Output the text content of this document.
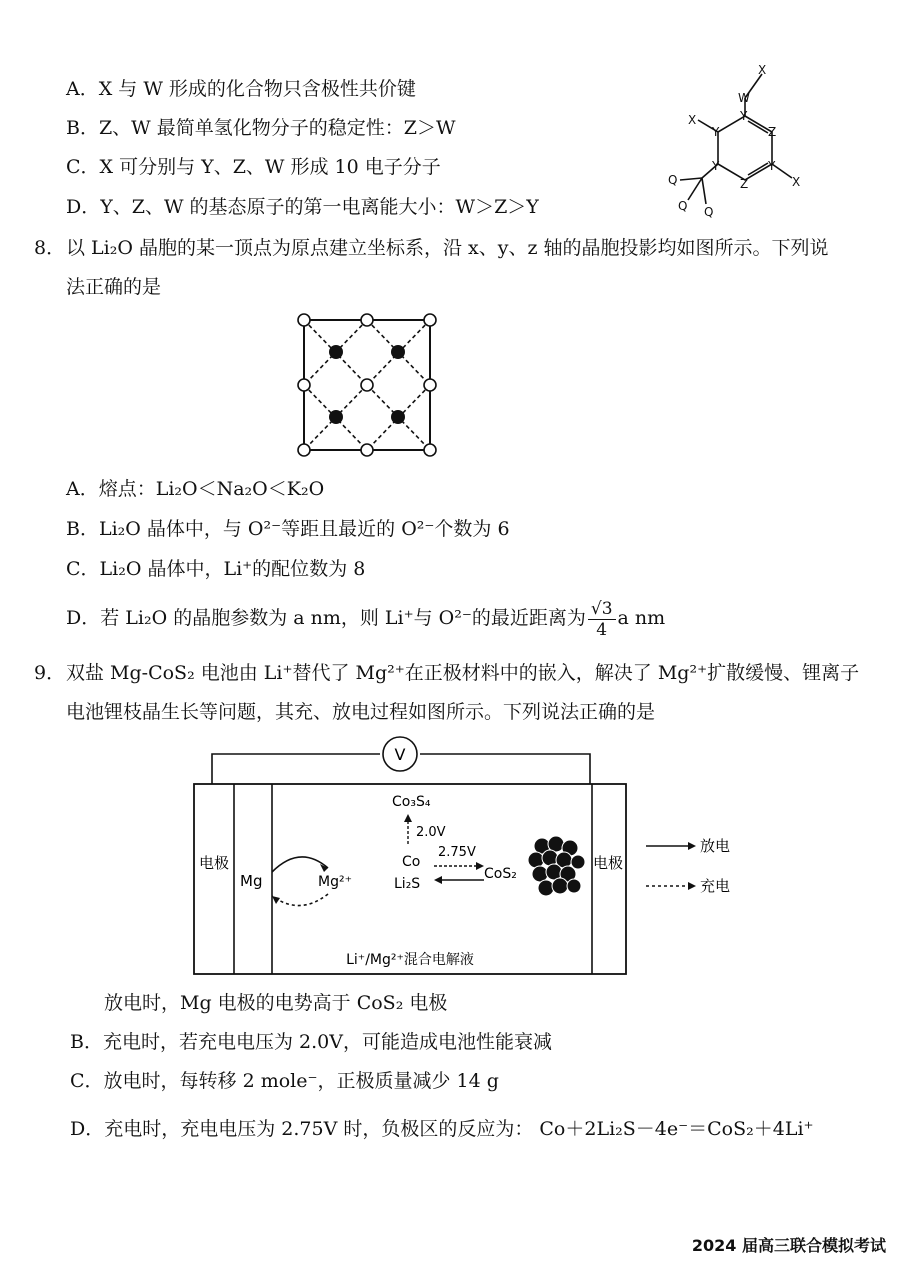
A．X 与 W 形成的化合物只含极性共价键
B．Z、W 最简单氢化物分子的稳定性：Z＞W
C．X 可分别与 Y、Z、W 形成 10 电子分子
D．Y、Z、W 的基态原子的第一电离能大小：W＞Z＞Y
X
W
Y
Z
Y
Z
Y
Y
X
X
Q
Q Q
8． 以 Li₂O 晶胞的某一顶点为原点建立坐标系，沿 x、y、z 轴的晶胞投影均如图所示。下列说
法正确的是
A．熔点：Li₂O＜Na₂O＜K₂O
B．Li₂O 晶体中，与 O²⁻等距且最近的 O²⁻个数为 6
C．Li₂O 晶体中，Li⁺的配位数为 8
D．若 Li₂O 的晶胞参数为 a nm，则 Li⁺与 O²⁻的最近距离为 $\frac{√3}{4}$ a nm
9． 双盐 Mg-CoS₂ 电池由 Li⁺替代了 Mg²⁺在正极材料中的嵌入，解决了 Mg²⁺扩散缓慢、锂离子
电池锂枝晶生长等问题，其充、放电过程如图所示。下列说法正确的是
V
电极	电极
Mg	Mg²⁺
Co₃S₄
2.0V
Co
Li₂S
2.75V
CoS₂
Li⁺/Mg²⁺混合电解液
放电
充电
放电时，Mg 电极的电势高于 CoS₂ 电极
B．充电时，若充电电压为 2.0V，可能造成电池性能衰减
C．放电时，每转移 2 mole⁻，正极质量减少 14 g
D．充电时，充电电压为 2.75V 时，负极区的反应为： Co＋2Li₂S－4e⁻＝CoS₂＋4Li⁺
2024 届高三联合模拟考试
